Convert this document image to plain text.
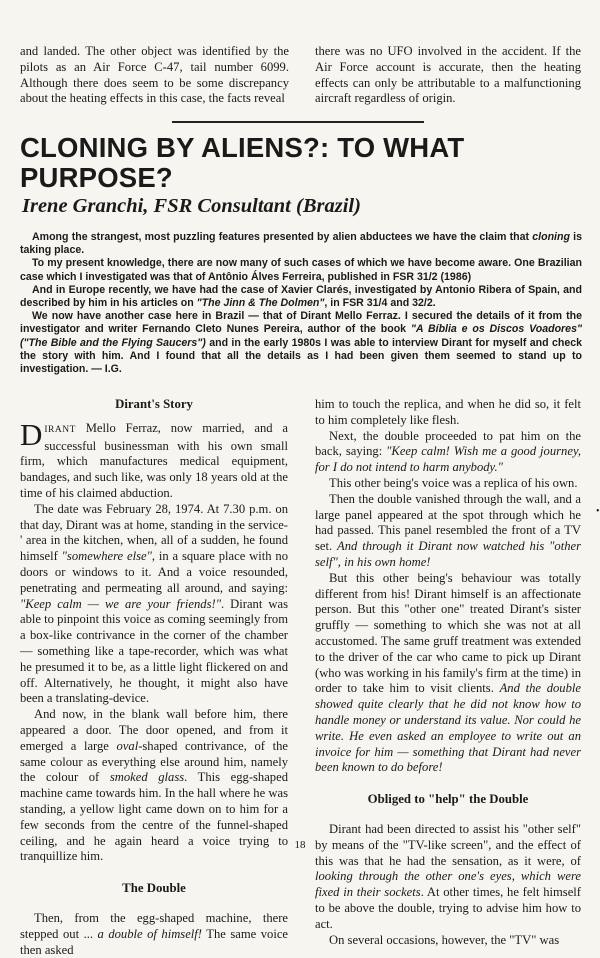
and landed. The other object was identified by the pilots as an Air Force C-47, tail number 6099. Although there does seem to be some discrepancy about the heating effects in this case, the facts reveal

there was no UFO involved in the accident. If the Air Force account is accurate, then the heating effects can only be attributable to a malfunctioning aircraft regardless of origin.

CLONING BY ALIENS?: TO WHAT PURPOSE?
Irene Granchi, FSR Consultant (Brazil)

Among the strangest, most puzzling features presented by alien abductees we have the claim that cloning is taking place.

To my present knowledge, there are now many of such cases of which we have become aware. One Brazilian case which I investigated was that of Antônio Álves Ferreira, published in FSR 31/2 (1986)

And in Europe recently, we have had the case of Xavier Clarés, investigated by Antonio Ribera of Spain, and described by him in his articles on "The Jinn & The Dolmen", in FSR 31/4 and 32/2.

We now have another case here in Brazil — that of Dirant Mello Ferraz. I secured the details of it from the investigator and writer Fernando Cleto Nunes Pereira, author of the book "A Bíblia e os Discos Voadores" ("The Bible and the Flying Saucers") and in the early 1980s I was able to interview Dirant for myself and check the story with him. And I found that all the details as I had been given them seemed to stand up to investigation. — I.G.

Dirant's Story

DIRANT Mello Ferraz, now married, and a successful businessman with his own small firm, which manufactures medical equipment, bandages, and such like, was only 18 years old at the time of his claimed abduction.

The date was February 28, 1974. At 7.30 p.m. on that day, Dirant was at home, standing in the service-' area in the kitchen, when, all of a sudden, he found himself "somewhere else", in a square place with no doors or windows to it. And a voice resounded, penetrating and permeating all around, and saying: "Keep calm — we are your friends!". Dirant was able to pinpoint this voice as coming seemingly from a box-like contrivance in the corner of the chamber — something like a tape-recorder, which was what he presumed it to be, as a little light flickered on and off. Alternatively, he thought, it might also have been a translating-device.

And now, in the blank wall before him, there appeared a door. The door opened, and from it emerged a large oval-shaped contrivance, of the same colour as everything else around him, namely the colour of smoked glass. This egg-shaped machine came towards him. In the hall where he was standing, a yellow light came down on to him for a few seconds from the centre of the funnel-shaped ceiling, and he again heard a voice trying to tranquillize him.

The Double

Then, from the egg-shaped machine, there stepped out ... a double of himself! The same voice then asked

him to touch the replica, and when he did so, it felt to him completely like flesh.

Next, the double proceeded to pat him on the back, saying: "Keep calm! Wish me a good journey, for I do not intend to harm anybody."

This other being's voice was a replica of his own.

Then the double vanished through the wall, and a large panel appeared at the spot through which he had passed. This panel resembled the front of a TV set. And through it Dirant now watched his "other self", in his own home!

But this other being's behaviour was totally different from his! Dirant himself is an affectionate person. But this "other one" treated Dirant's sister gruffly — something to which she was not at all accustomed. The same gruff treatment was extended to the driver of the car who came to pick up Dirant (who was working in his family's firm at the time) in order to take him to visit clients. And the double showed quite clearly that he did not know how to handle money or understand its value. Nor could he write. He even asked an employee to write out an invoice for him — something that Dirant had never been known to do before!

Obliged to "help" the Double

Dirant had been directed to assist his "other self" by means of the "TV-like screen", and the effect of this was that he had the sensation, as it were, of looking through the other one's eyes, which were fixed in their sockets. At other times, he felt himself to be above the double, trying to advise him how to act.

On several occasions, however, the "TV" was

•
18
